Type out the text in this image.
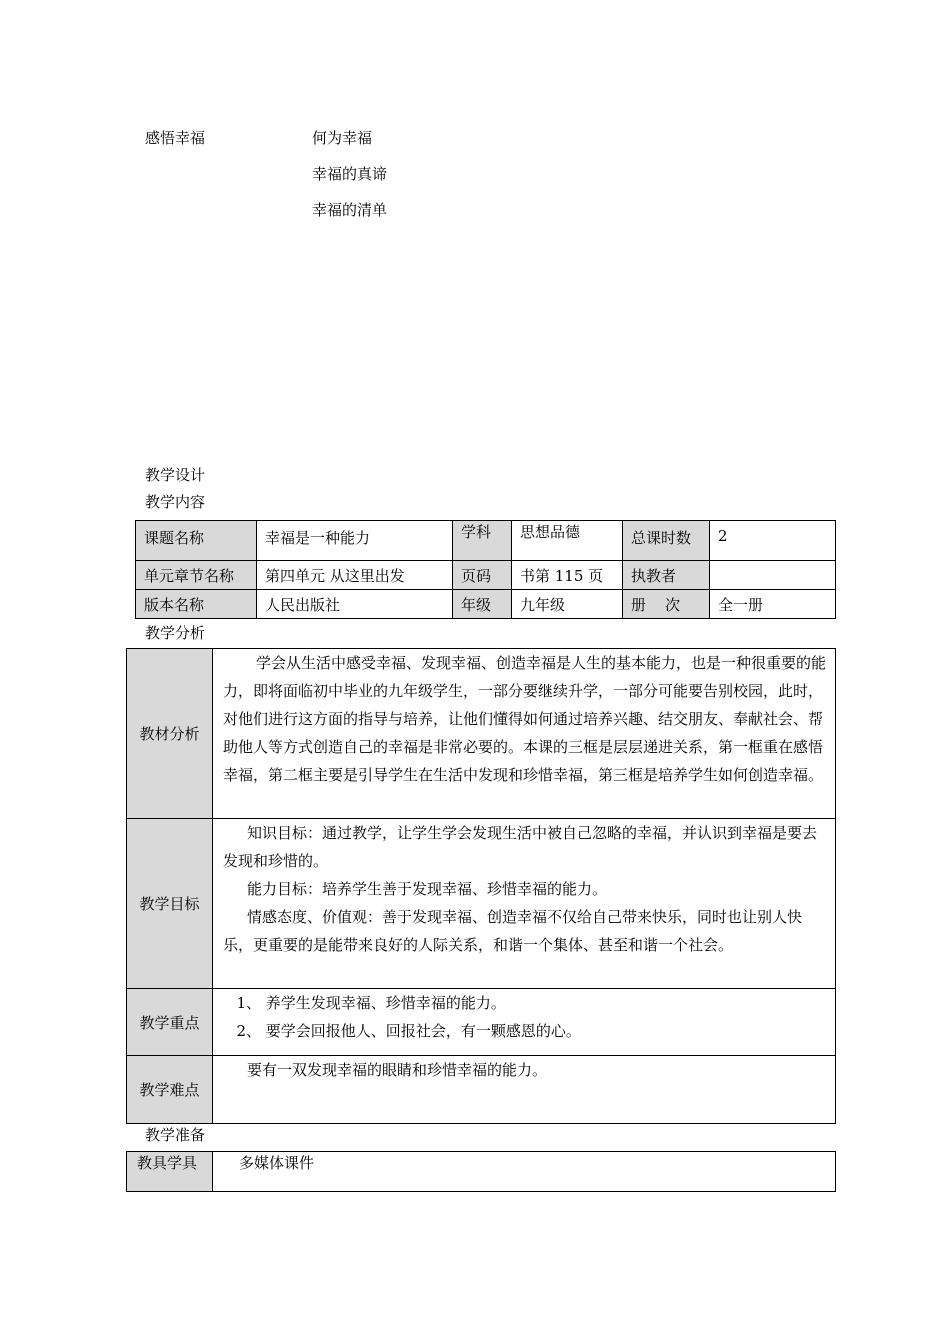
感悟幸福	何为幸福
幸福的真谛
幸福的清单
教学设计
教学内容
课题名称	幸福是一种能力	学科	思想品德	总课时数	2
单元章节名称	第四单元 从这里出发	页码	书第 115 页	执教者	
版本名称	人民出版社	年级	九年级	册    次	全一册
教学分析
教材分析	学会从生活中感受幸福、发现幸福、创造幸福是人生的基本能力，也是一种很重要的能力，即将面临初中毕业的九年级学生，一部分要继续升学，一部分可能要告别校园，此时，对他们进行这方面的指导与培养，让他们懂得如何通过培养兴趣、结交朋友、奉献社会、帮助他人等方式创造自己的幸福是非常必要的。本课的三框是层层递进关系，第一框重在感悟幸福，第二框主要是引导学生在生活中发现和珍惜幸福，第三框是培养学生如何创造幸福。

教学目标	知识目标：通过教学，让学生学会发现生活中被自己忽略的幸福，并认识到幸福是要去发现和珍惜的。

能力目标：培养学生善于发现幸福、珍惜幸福的能力。

情感态度、价值观：善于发现幸福、创造幸福不仅给自己带来快乐，同时也让别人快乐，更重要的是能带来良好的人际关系，和谐一个集体、甚至和谐一个社会。

教学重点	1、 养学生发现幸福、珍惜幸福的能力。

2、 要学会回报他人、回报社会，有一颗感恩的心。

教学难点	要有一双发现幸福的眼睛和珍惜幸福的能力。

教学准备
教具学具	多媒体课件
